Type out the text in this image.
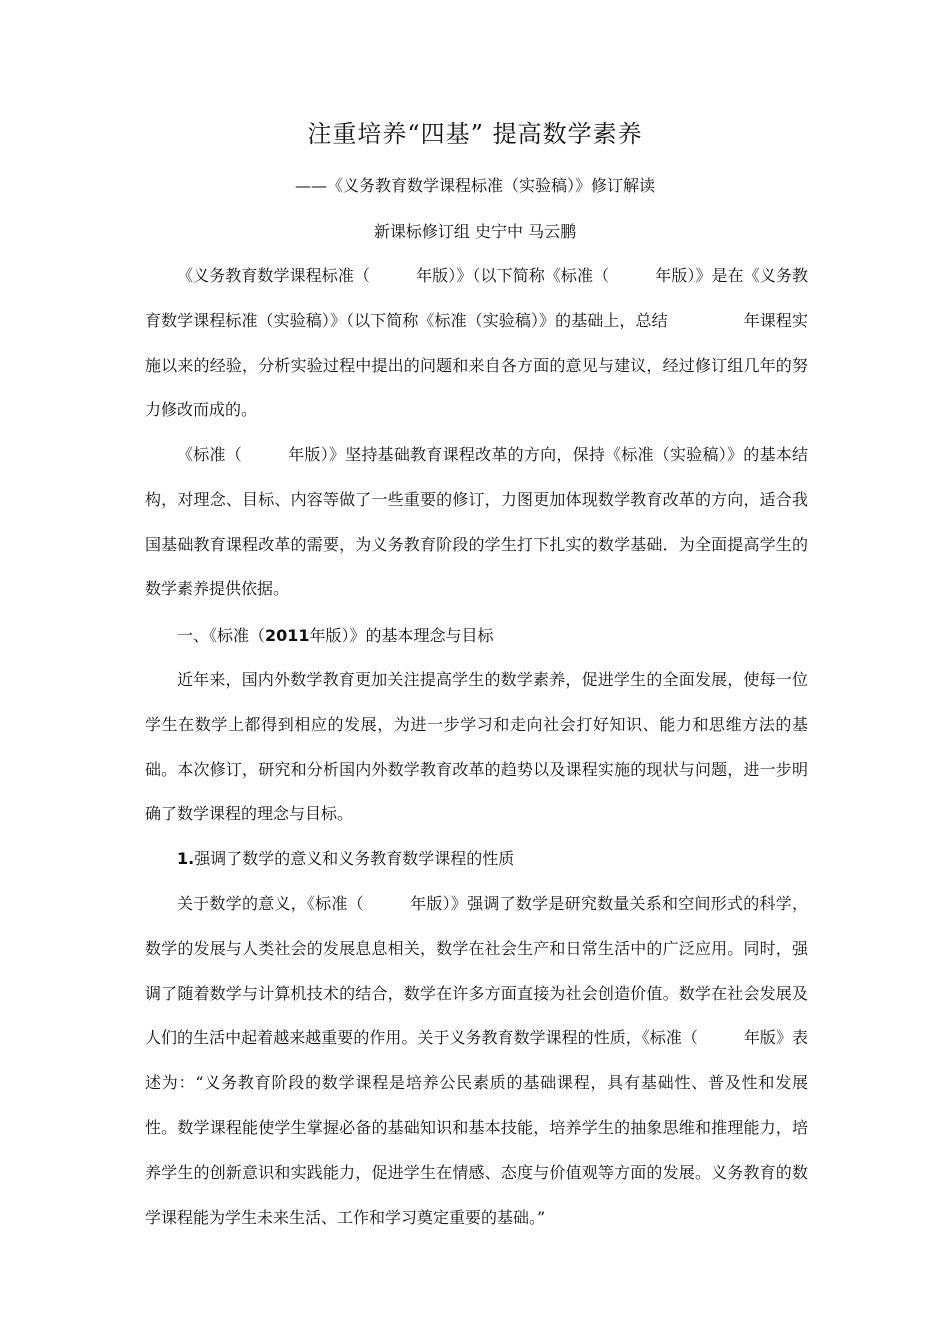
注重培养“四基” 提高数学素养
——《义务教育数学课程标准（实验稿）》修订解读
新课标修订组 史宁中 马云鹏

《义务教育数学课程标准（	年版）》（以下简称《标准（	年版）》是在《义务教育数学课程标准（实验稿）》（以下简称《标准（实验稿）》的基础上，总结	年课程实施以来的经验，分析实验过程中提出的问题和来自各方面的意见与建议，经过修订组几年的努力修改而成的。

《标准（	年版）》坚持基础教育课程改革的方向，保持《标准（实验稿）》的基本结构，对理念、目标、内容等做了一些重要的修订，力图更加体现数学教育改革的方向，适合我国基础教育课程改革的需要，为义务教育阶段的学生打下扎实的数学基础．为全面提高学生的数学素养提供依据。

一、《标准（2011年版）》的基本理念与目标

近年来，国内外数学教育更加关注提高学生的数学素养，促进学生的全面发展，使每一位学生在数学上都得到相应的发展，为进一步学习和走向社会打好知识、能力和思维方法的基础。本次修订，研究和分析国内外数学教育改革的趋势以及课程实施的现状与问题，进一步明确了数学课程的理念与目标。

1.强调了数学的意义和义务教育数学课程的性质

关于数学的意义，《标准（	年版）》强调了数学是研究数量关系和空间形式的科学，数学的发展与人类社会的发展息息相关，数学在社会生产和日常生活中的广泛应用。同时，强调了随着数学与计算机技术的结合，数学在许多方面直接为社会创造价值。数学在社会发展及人们的生活中起着越来越重要的作用。关于义务教育数学课程的性质，《标准（	年版》表述为：“义务教育阶段的数学课程是培养公民素质的基础课程，具有基础性、普及性和发展性。数学课程能使学生掌握必备的基础知识和基本技能，培养学生的抽象思维和推理能力，培养学生的创新意识和实践能力，促进学生在情感、态度与价值观等方面的发展。义务教育的数学课程能为学生未来生活、工作和学习奠定重要的基础。”
